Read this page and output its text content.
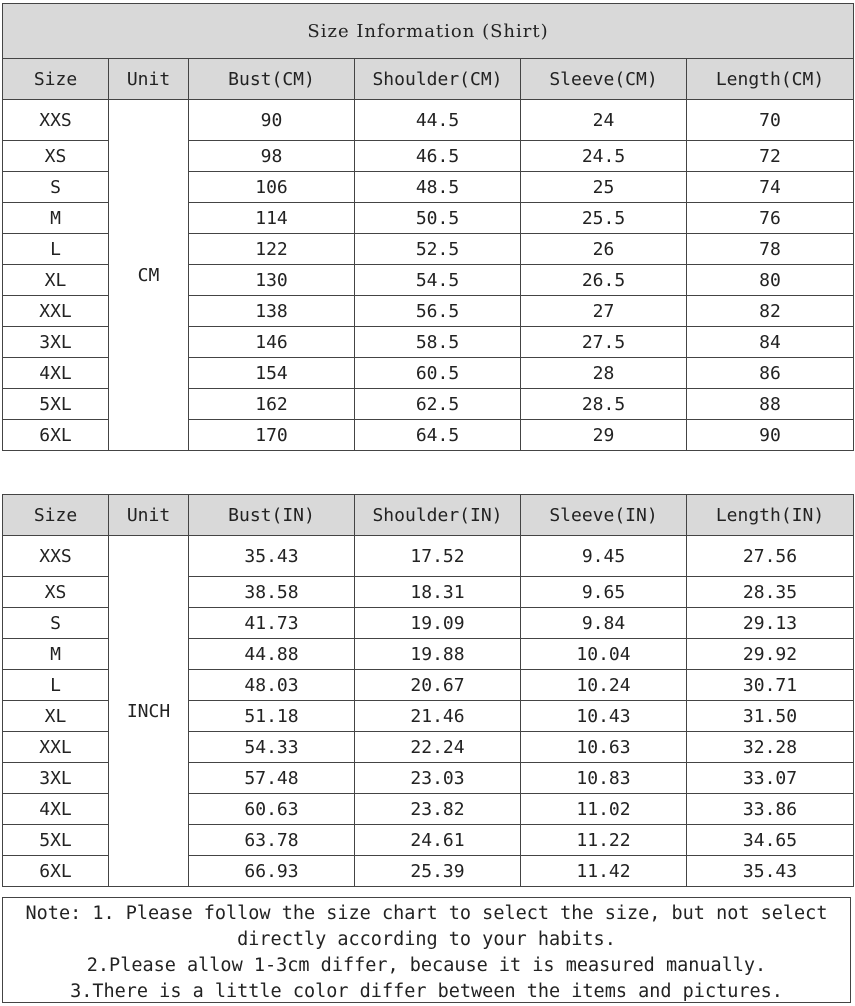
Size Information (Shirt)					
Size	Unit	Bust(CM)	Shoulder(CM)	Sleeve(CM)	Length(CM)
XXS	CM	90	44.5	24	70
XS		98	46.5	24.5	72
S		106	48.5	25	74
M		114	50.5	25.5	76
L		122	52.5	26	78
XL		130	54.5	26.5	80
XXL		138	56.5	27	82
3XL		146	58.5	27.5	84
4XL		154	60.5	28	86
5XL		162	62.5	28.5	88
6XL		170	64.5	29	90
Size	Unit	Bust(IN)	Shoulder(IN)	Sleeve(IN)	Length(IN)
XXS	INCH	35.43	17.52	9.45	27.56
XS		38.58	18.31	9.65	28.35
S		41.73	19.09	9.84	29.13
M		44.88	19.88	10.04	29.92
L		48.03	20.67	10.24	30.71
XL		51.18	21.46	10.43	31.50
XXL		54.33	22.24	10.63	32.28
3XL		57.48	23.03	10.83	33.07
4XL		60.63	23.82	11.02	33.86
5XL		63.78	24.61	11.22	34.65
6XL		66.93	25.39	11.42	35.43
Note: 1. Please follow the size chart to select the size, but not select
directly according to your habits.
2.Please allow 1-3cm differ, because it is measured manually.
3.There is a little color differ between the items and pictures.
